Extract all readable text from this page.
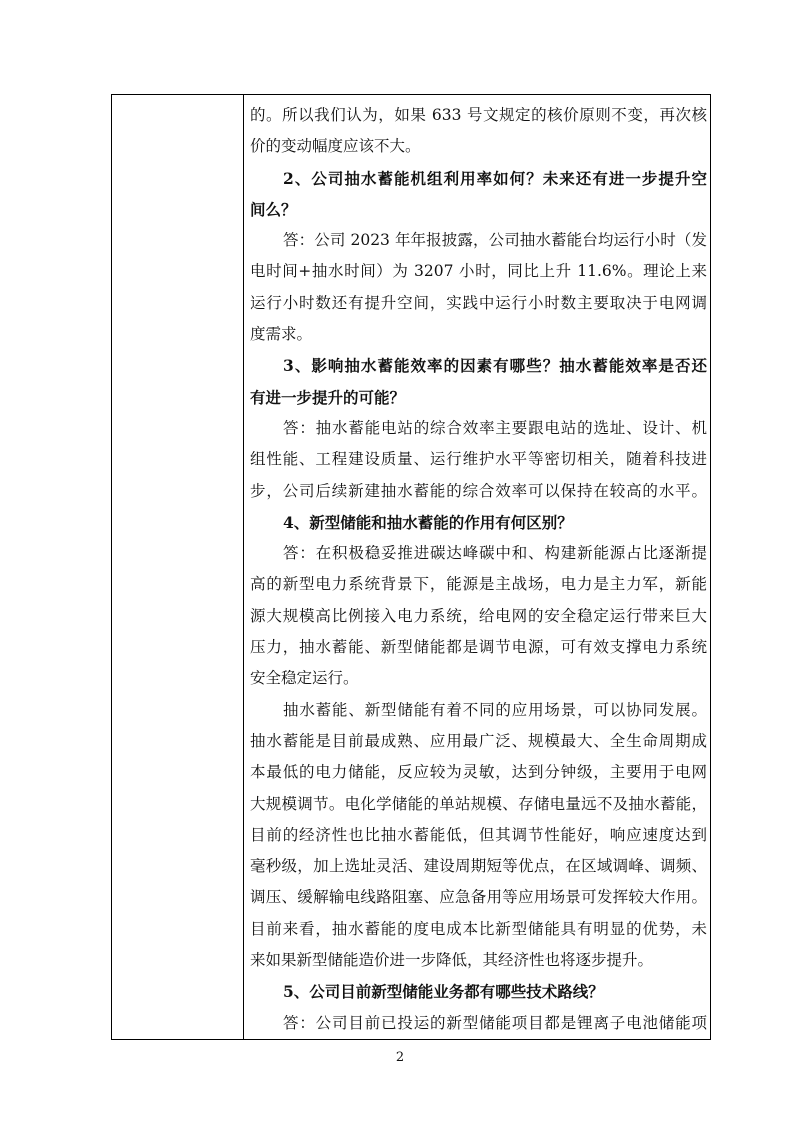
的。所以我们认为，如果 633 号文规定的核价原则不变，再次核
价的变动幅度应该不大。
2、公司抽水蓄能机组利用率如何？未来还有进一步提升空
间么？
答：公司 2023 年年报披露，公司抽水蓄能台均运行小时（发
电时间+抽水时间）为 3207 小时，同比上升 11.6%。理论上来
运行小时数还有提升空间，实践中运行小时数主要取决于电网调
度需求。
3、影响抽水蓄能效率的因素有哪些？抽水蓄能效率是否还
有进一步提升的可能？
答：抽水蓄能电站的综合效率主要跟电站的选址、设计、机
组性能、工程建设质量、运行维护水平等密切相关，随着科技进
步，公司后续新建抽水蓄能的综合效率可以保持在较高的水平。
4、新型储能和抽水蓄能的作用有何区别？
答：在积极稳妥推进碳达峰碳中和、构建新能源占比逐渐提
高的新型电力系统背景下，能源是主战场，电力是主力军，新能
源大规模高比例接入电力系统，给电网的安全稳定运行带来巨大
压力，抽水蓄能、新型储能都是调节电源，可有效支撑电力系统
安全稳定运行。
抽水蓄能、新型储能有着不同的应用场景，可以协同发展。
抽水蓄能是目前最成熟、应用最广泛、规模最大、全生命周期成
本最低的电力储能，反应较为灵敏，达到分钟级，主要用于电网
大规模调节。电化学储能的单站规模、存储电量远不及抽水蓄能，
目前的经济性也比抽水蓄能低，但其调节性能好，响应速度达到
毫秒级，加上选址灵活、建设周期短等优点，在区域调峰、调频、
调压、缓解输电线路阻塞、应急备用等应用场景可发挥较大作用。
目前来看，抽水蓄能的度电成本比新型储能具有明显的优势，未
来如果新型储能造价进一步降低，其经济性也将逐步提升。
5、公司目前新型储能业务都有哪些技术路线？
答：公司目前已投运的新型储能项目都是锂离子电池储能项
2
